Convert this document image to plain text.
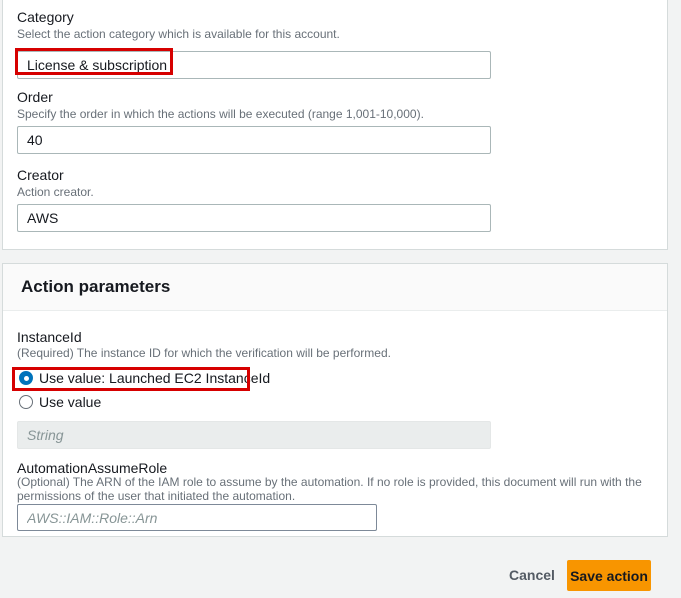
Category
Select the action category which is available for this account.
License & subscription
Order
Specify the order in which the actions will be executed (range 1,001-10,000).
40
Creator
Action creator.
AWS
Action parameters
InstanceId
(Required) The instance ID for which the verification will be performed.
Use value: Launched EC2 InstanceId
Use value
String
AutomationAssumeRole
(Optional) The ARN of the IAM role to assume by the automation. If no role is provided, this document will run with the permissions of the user that initiated the automation.
AWS::IAM::Role::Arn
Cancel Save action
